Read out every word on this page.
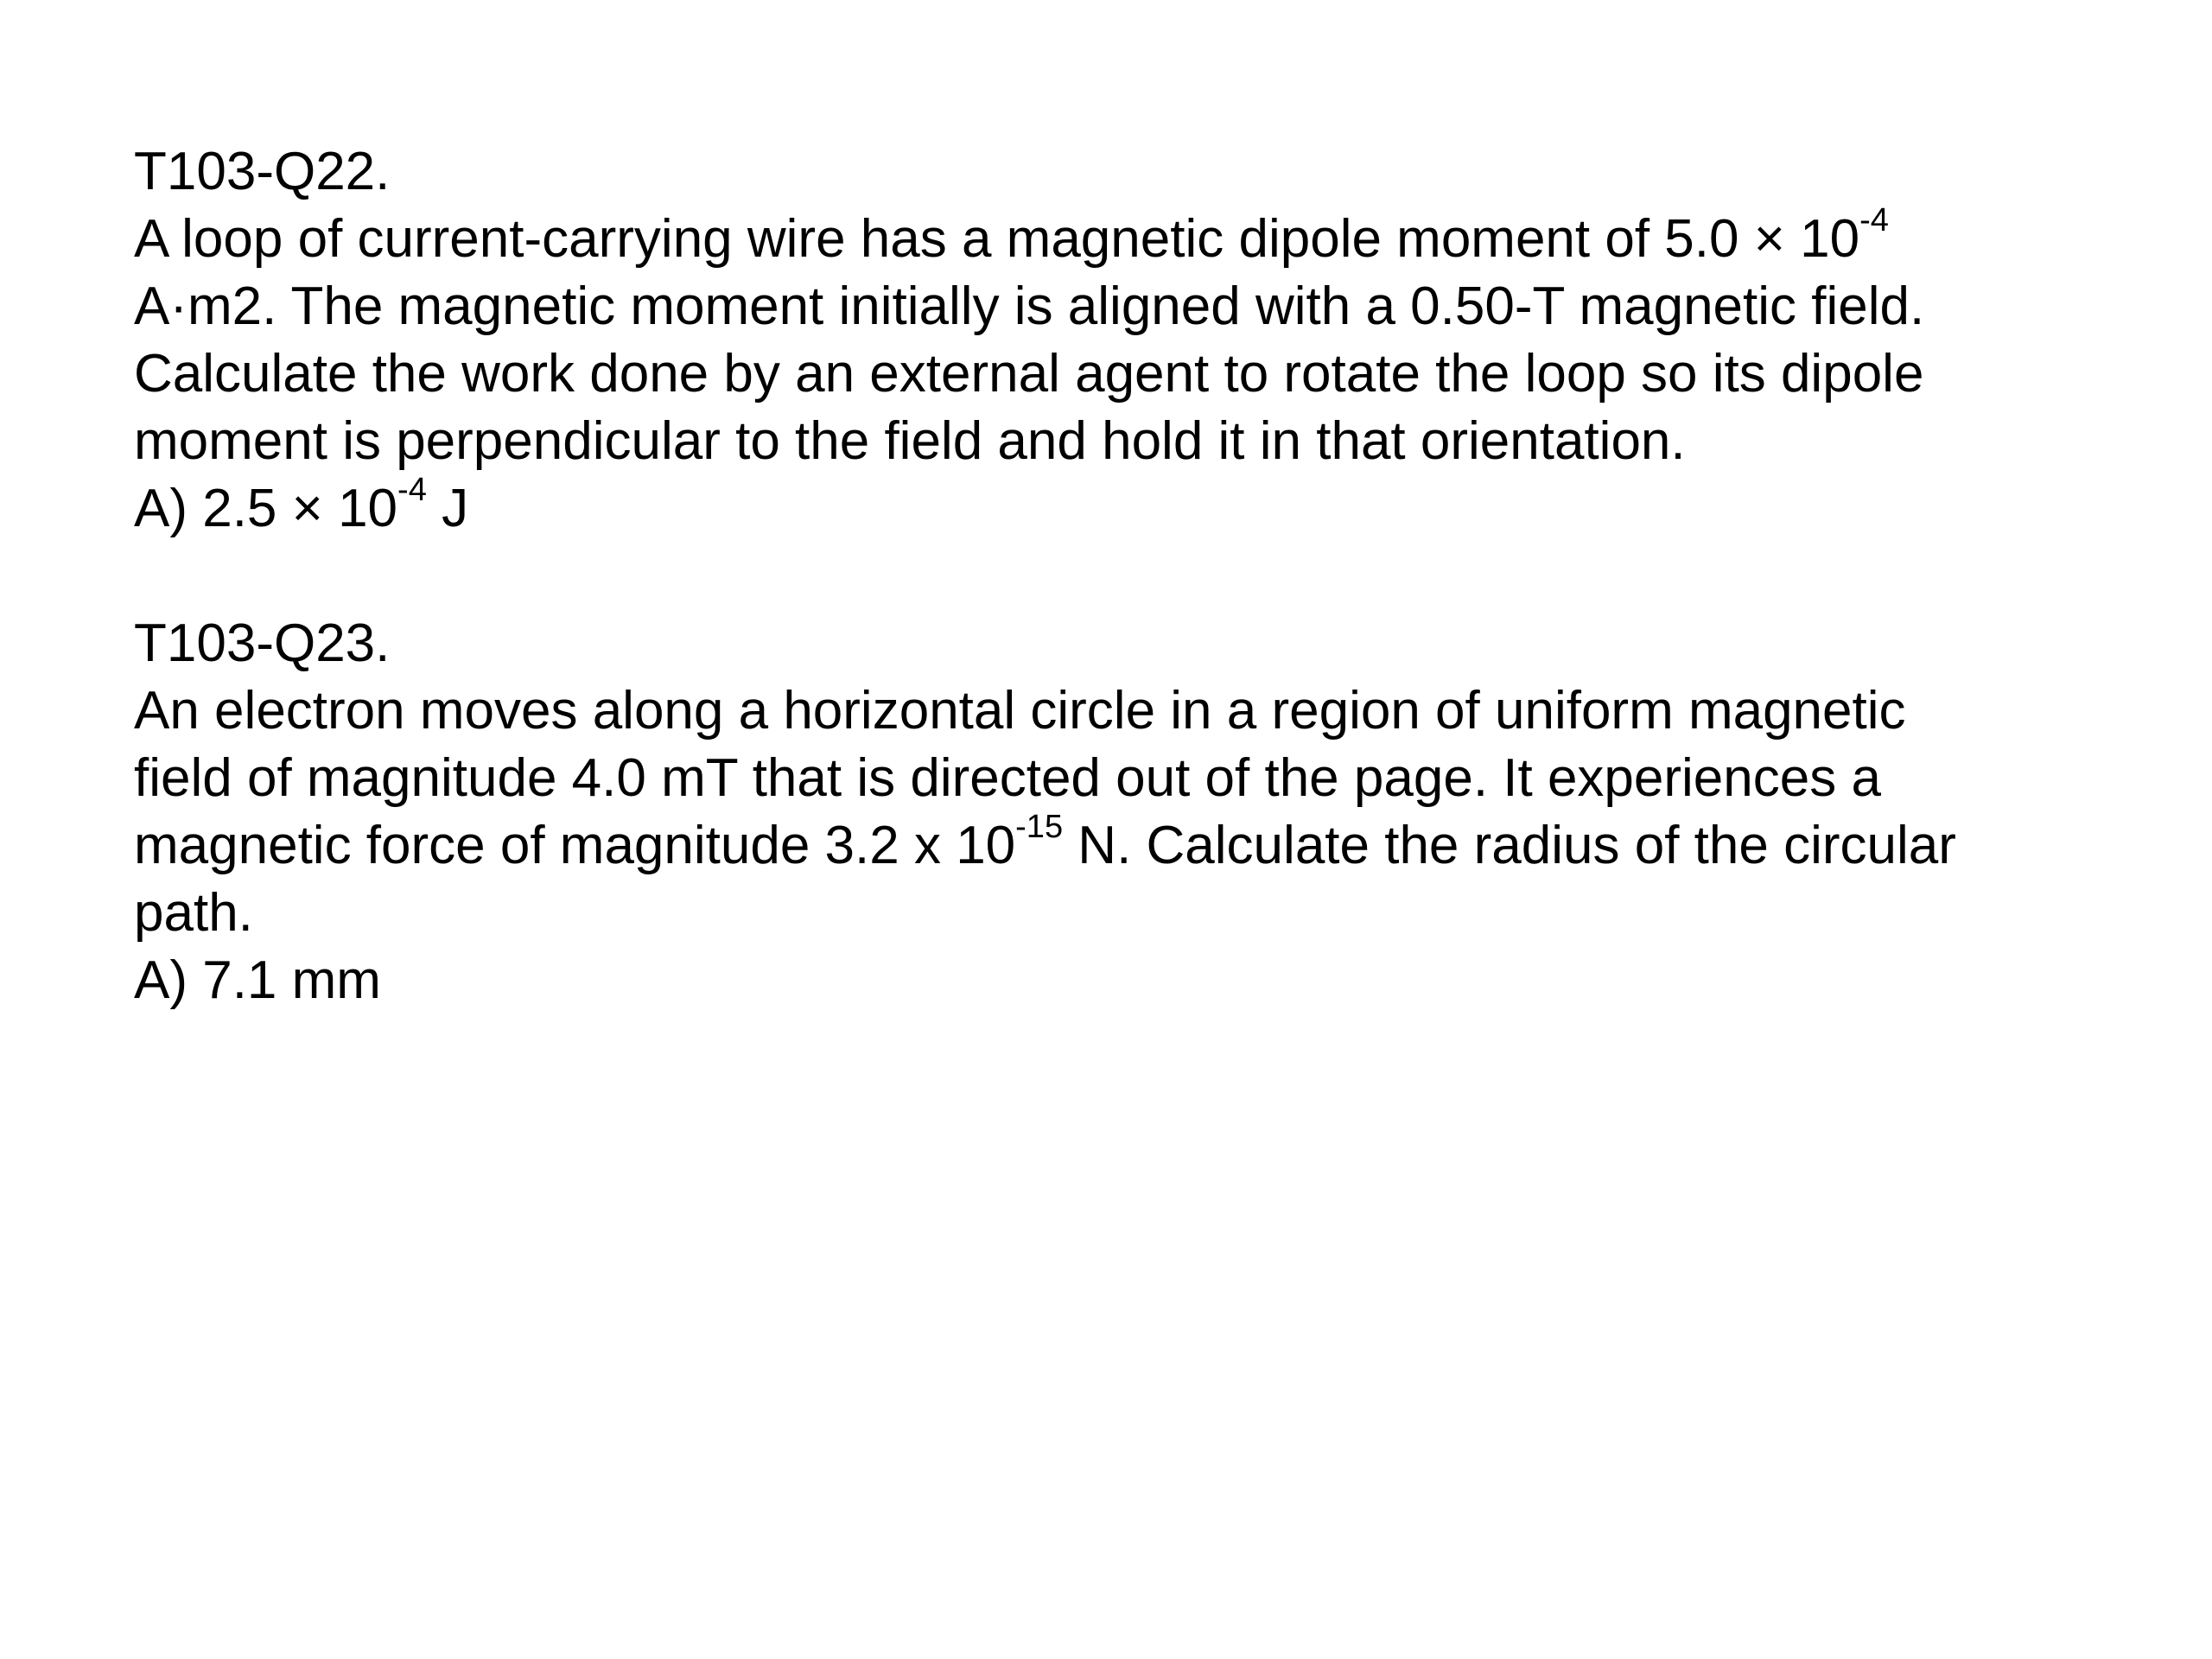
T103-Q22.
A loop of current-carrying wire has a magnetic dipole moment of $5.0 \times 10^{-4}$
A·m2. The magnetic moment initially is aligned with a 0.50-T magnetic field.
Calculate the work done by an external agent to rotate the loop so its dipole
moment is perpendicular to the field and hold it in that orientation.
A) $2.5 \times 10^{-4}$ J
T103-Q23.
An electron moves along a horizontal circle in a region of uniform magnetic
field of magnitude 4.0 mT that is directed out of the page. It experiences a
magnetic force of magnitude 3.2 x $10^{-15}$ N. Calculate the radius of the circular
path.
A) 7.1 mm
